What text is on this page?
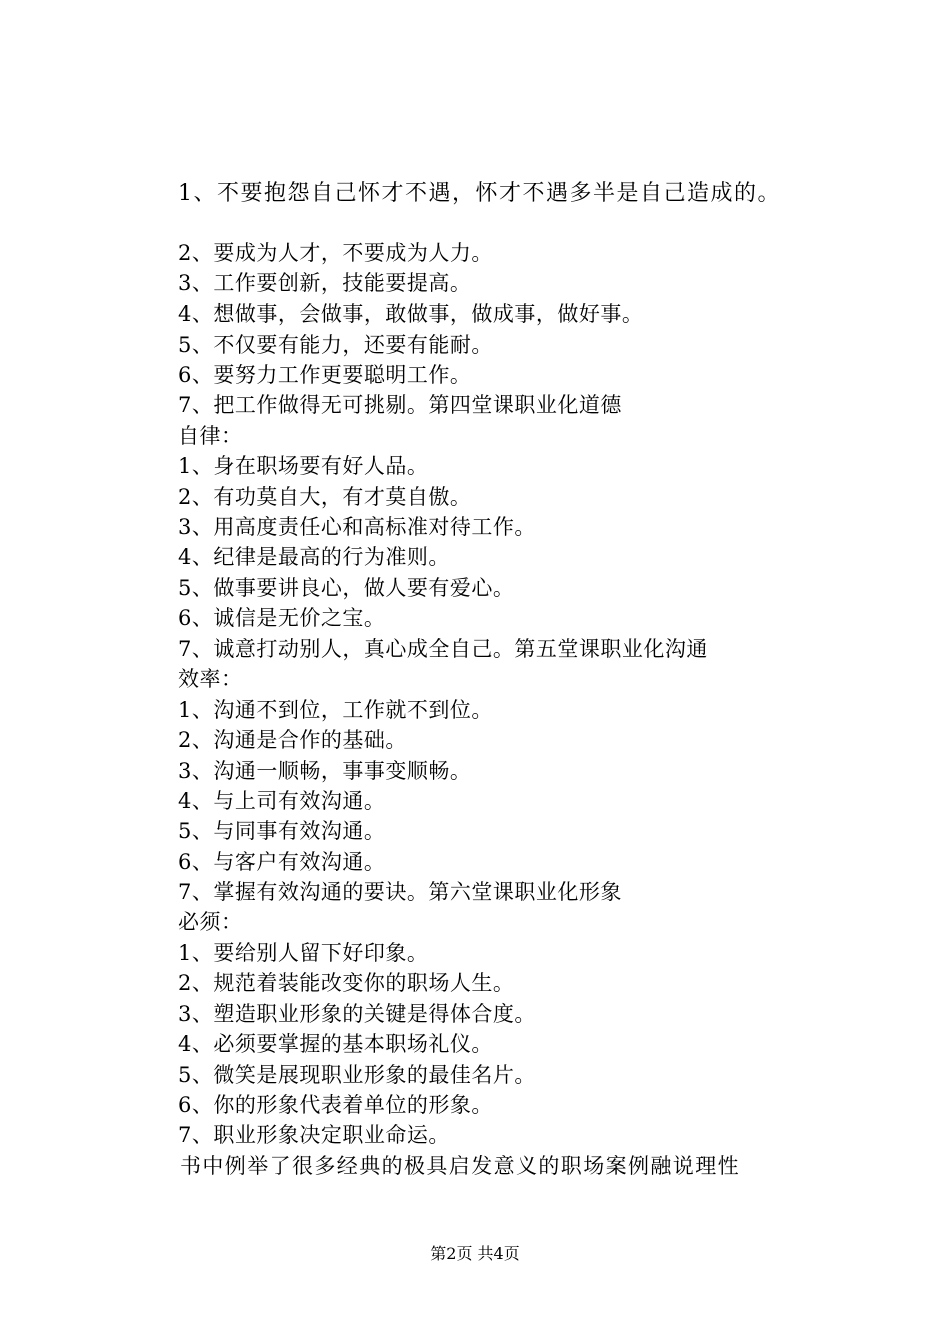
1、不要抱怨自己怀才不遇，怀才不遇多半是自己造成的。
2、要成为人才，不要成为人力。
3、工作要创新，技能要提高。
4、想做事，会做事，敢做事，做成事，做好事。
5、不仅要有能力，还要有能耐。
6、要努力工作更要聪明工作。
7、把工作做得无可挑剔。第四堂课职业化道德
自律：
1、身在职场要有好人品。
2、有功莫自大，有才莫自傲。
3、用高度责任心和高标准对待工作。
4、纪律是最高的行为准则。
5、做事要讲良心，做人要有爱心。
6、诚信是无价之宝。
7、诚意打动别人，真心成全自己。第五堂课职业化沟通
效率：
1、沟通不到位，工作就不到位。
2、沟通是合作的基础。
3、沟通一顺畅，事事变顺畅。
4、与上司有效沟通。
5、与同事有效沟通。
6、与客户有效沟通。
7、掌握有效沟通的要诀。第六堂课职业化形象
必须：
1、要给别人留下好印象。
2、规范着装能改变你的职场人生。
3、塑造职业形象的关键是得体合度。
4、必须要掌握的基本职场礼仪。
5、微笑是展现职业形象的最佳名片。
6、你的形象代表着单位的形象。
7、职业形象决定职业命运。
书中例举了很多经典的极具启发意义的职场案例融说理性
第2页 共4页
